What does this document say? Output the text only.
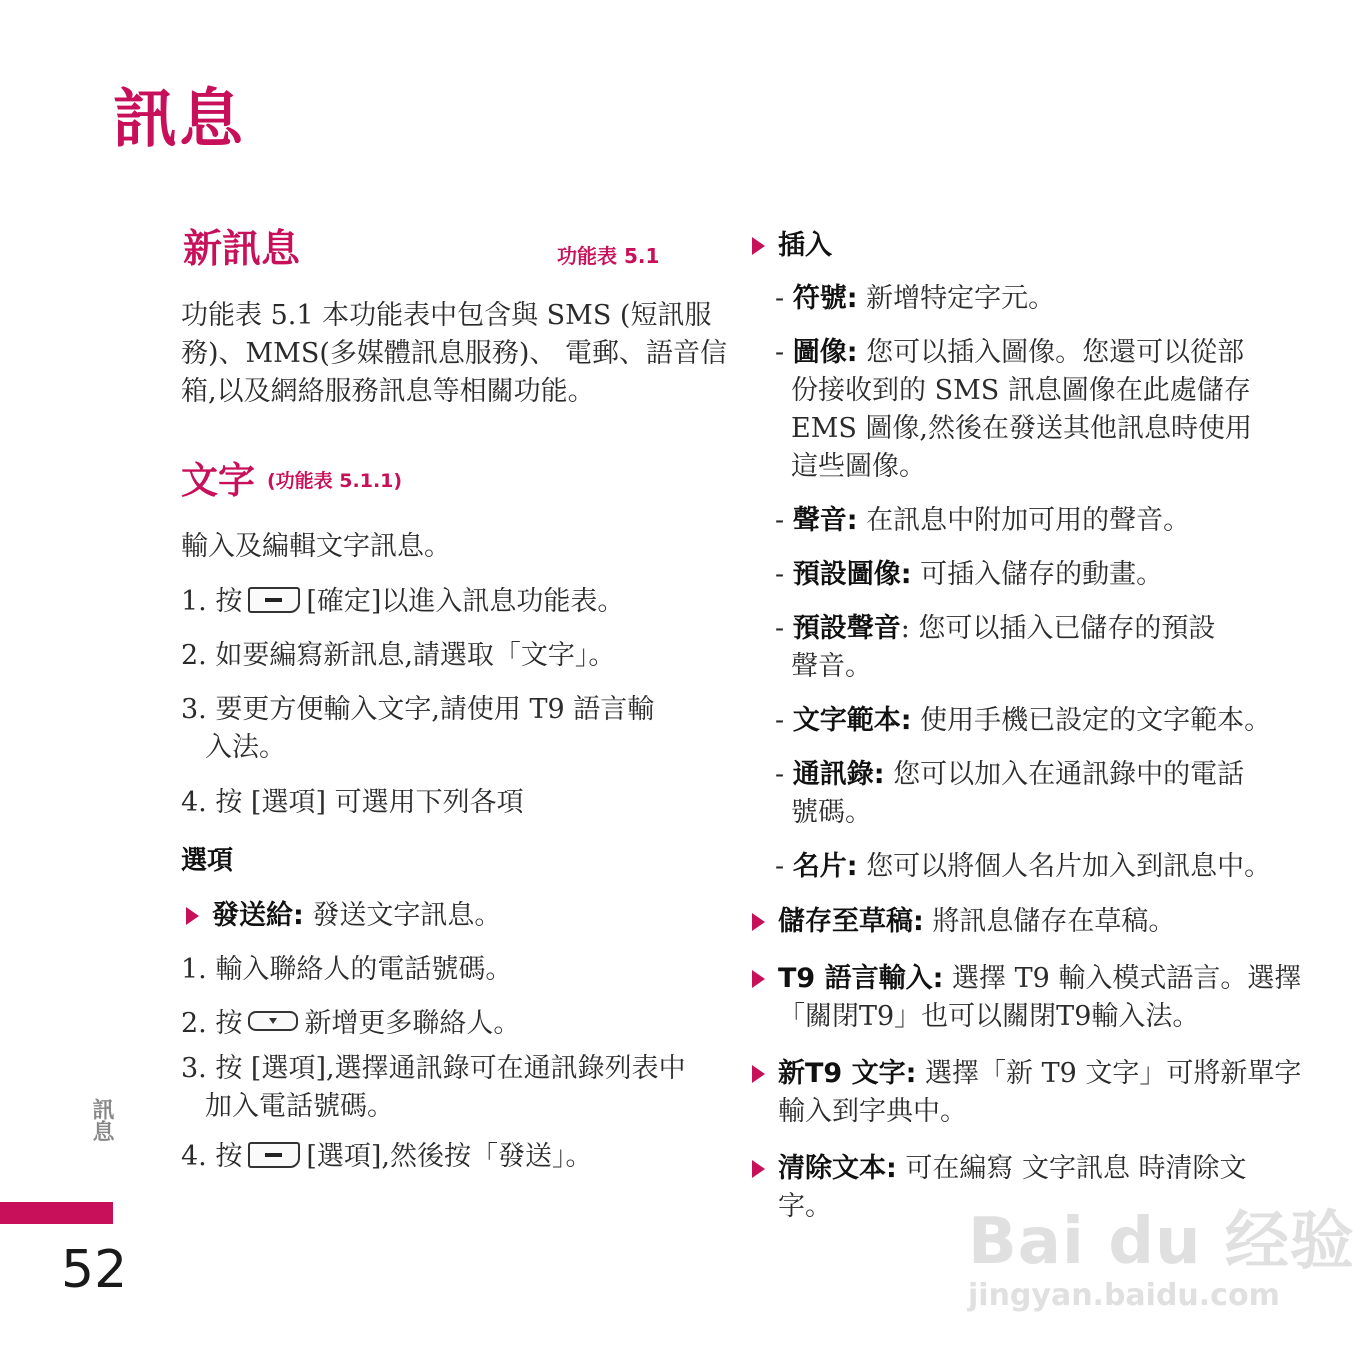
訊息
新訊息	功能表 5.1
功能表 5.1 本功能表中包含與 SMS (短訊服
務)、MMS(多媒體訊息服務)、 電郵、語音信
箱,以及網絡服務訊息等相關功能。
文字 (功能表 5.1.1)
輸入及編輯文字訊息。
1. 按 [確定]以進入訊息功能表。
2. 如要編寫新訊息,請選取「文字」。
3. 要更方便輸入文字,請使用 T9 語言輸
入法。
4. 按 [選項] 可選用下列各項
選項
發送給: 發送文字訊息。
1. 輸入聯絡人的電話號碼。
2. 按 新增更多聯絡人。
3. 按 [選項],選擇通訊錄可在通訊錄列表中
加入電話號碼。
4. 按 [選項],然後按「發送」。
插入
- 符號: 新增特定字元。
- 圖像: 您可以插入圖像。您還可以從部
份接收到的 SMS 訊息圖像在此處儲存
EMS 圖像,然後在發送其他訊息時使用
這些圖像。
- 聲音: 在訊息中附加可用的聲音。
- 預設圖像: 可插入儲存的動畫。
- 預設聲音: 您可以插入已儲存的預設
聲音。
- 文字範本: 使用手機已設定的文字範本。
- 通訊錄: 您可以加入在通訊錄中的電話
號碼。
- 名片: 您可以將個人名片加入到訊息中。
儲存至草稿: 將訊息儲存在草稿。
T9 語言輸入: 選擇 T9 輸入模式語言。選擇
「關閉T9」也可以關閉T9輸入法。
新T9 文字: 選擇「新 T9 文字」可將新單字
輸入到字典中。
清除文本: 可在編寫 文字訊息 時清除文
字。
訊息
52	Bai du 经验
jingyan.baidu.com
